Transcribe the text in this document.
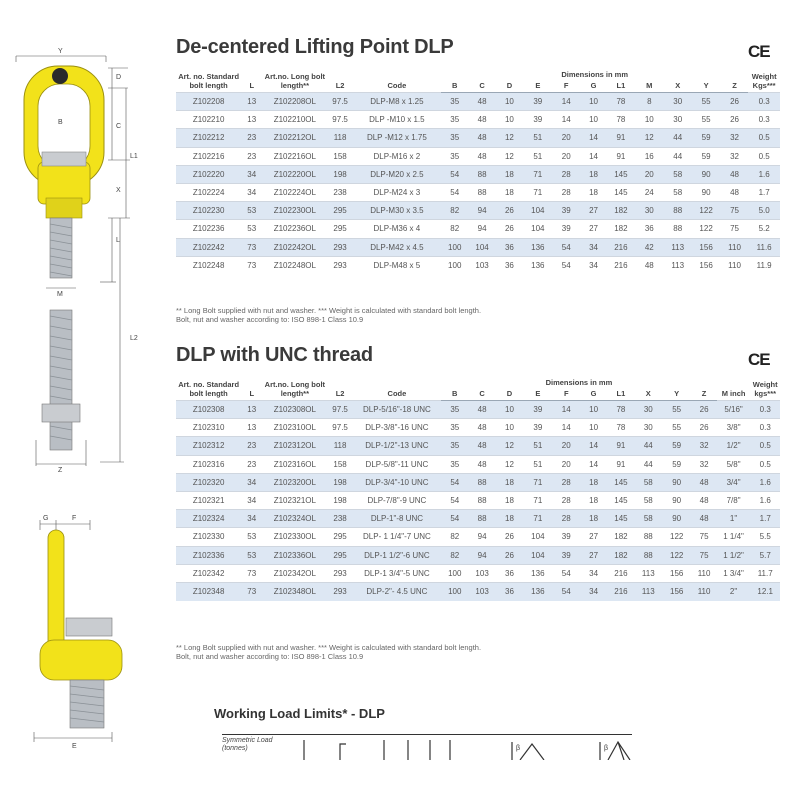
Y
D
C
B
L1
X
L
M
L2
Z
G	F
E
De-centered Lifting Point DLP	CE
Art. no. Standard bolt length	L	Art.no. Long bolt length**	L2	Code	Dimensions in mm											Weight Kgs***
					B	C	D	E	F	G	L1	M	X	Y	Z	
Z102208	13	Z102208OL	97.5	DLP-M8 x 1.25	35	48	10	39	14	10	78	8	30	55	26	0.3
Z102210	13	Z102210OL	97.5	DLP -M10 x 1.5	35	48	10	39	14	10	78	10	30	55	26	0.3
Z102212	23	Z102212OL	118	DLP -M12 x 1.75	35	48	12	51	20	14	91	12	44	59	32	0.5
Z102216	23	Z102216OL	158	DLP-M16 x 2	35	48	12	51	20	14	91	16	44	59	32	0.5
Z102220	34	Z102220OL	198	DLP-M20 x 2.5	54	88	18	71	28	18	145	20	58	90	48	1.6
Z102224	34	Z102224OL	238	DLP-M24 x 3	54	88	18	71	28	18	145	24	58	90	48	1.7
Z102230	53	Z102230OL	295	DLP-M30 x 3.5	82	94	26	104	39	27	182	30	88	122	75	5.0
Z102236	53	Z102236OL	295	DLP-M36 x 4	82	94	26	104	39	27	182	36	88	122	75	5.2
Z102242	73	Z102242OL	293	DLP-M42 x 4.5	100	104	36	136	54	34	216	42	113	156	110	11.6
Z102248	73	Z102248OL	293	DLP-M48 x 5	100	103	36	136	54	34	216	48	113	156	110	11.9
** Long Bolt supplied with nut and washer. *** Weight is calculated with standard bolt length.
Bolt, nut and washer according to: ISO 898-1 Class 10.9
DLP with UNC thread	CE
Art. no. Standard bolt length	L	Art.no. Long bolt length**	L2	Code	Dimensions in mm										M inch	Weight kgs***
					B	C	D	E	F	G	L1	X	Y	Z		
Z102308	13	Z102308OL	97.5	DLP-5/16"-18 UNC	35	48	10	39	14	10	78	30	55	26	5/16"	0.3
Z102310	13	Z102310OL	97.5	DLP-3/8"-16 UNC	35	48	10	39	14	10	78	30	55	26	3/8"	0.3
Z102312	23	Z102312OL	118	DLP-1/2"-13 UNC	35	48	12	51	20	14	91	44	59	32	1/2"	0.5
Z102316	23	Z102316OL	158	DLP-5/8"-11 UNC	35	48	12	51	20	14	91	44	59	32	5/8"	0.5
Z102320	34	Z102320OL	198	DLP-3/4"-10 UNC	54	88	18	71	28	18	145	58	90	48	3/4"	1.6
Z102321	34	Z102321OL	198	DLP-7/8"-9 UNC	54	88	18	71	28	18	145	58	90	48	7/8"	1.6
Z102324	34	Z102324OL	238	DLP-1"-8 UNC	54	88	18	71	28	18	145	58	90	48	1"	1.7
Z102330	53	Z102330OL	295	DLP- 1 1/4"-7 UNC	82	94	26	104	39	27	182	88	122	75	1 1/4"	5.5
Z102336	53	Z102336OL	295	DLP-1 1/2"-6 UNC	82	94	26	104	39	27	182	88	122	75	1 1/2"	5.7
Z102342	73	Z102342OL	293	DLP-1 3/4"-5 UNC	100	103	36	136	54	34	216	113	156	110	1 3/4"	11.7
Z102348	73	Z102348OL	293	DLP-2"- 4.5 UNC	100	103	36	136	54	34	216	113	156	110	2"	12.1
** Long Bolt supplied with nut and washer. *** Weight is calculated with standard bolt length.
Bolt, nut and washer according to: ISO 898-1 Class 10.9
Working Load Limits* - DLP
Symmetric Load
(tonnes)	β	β
